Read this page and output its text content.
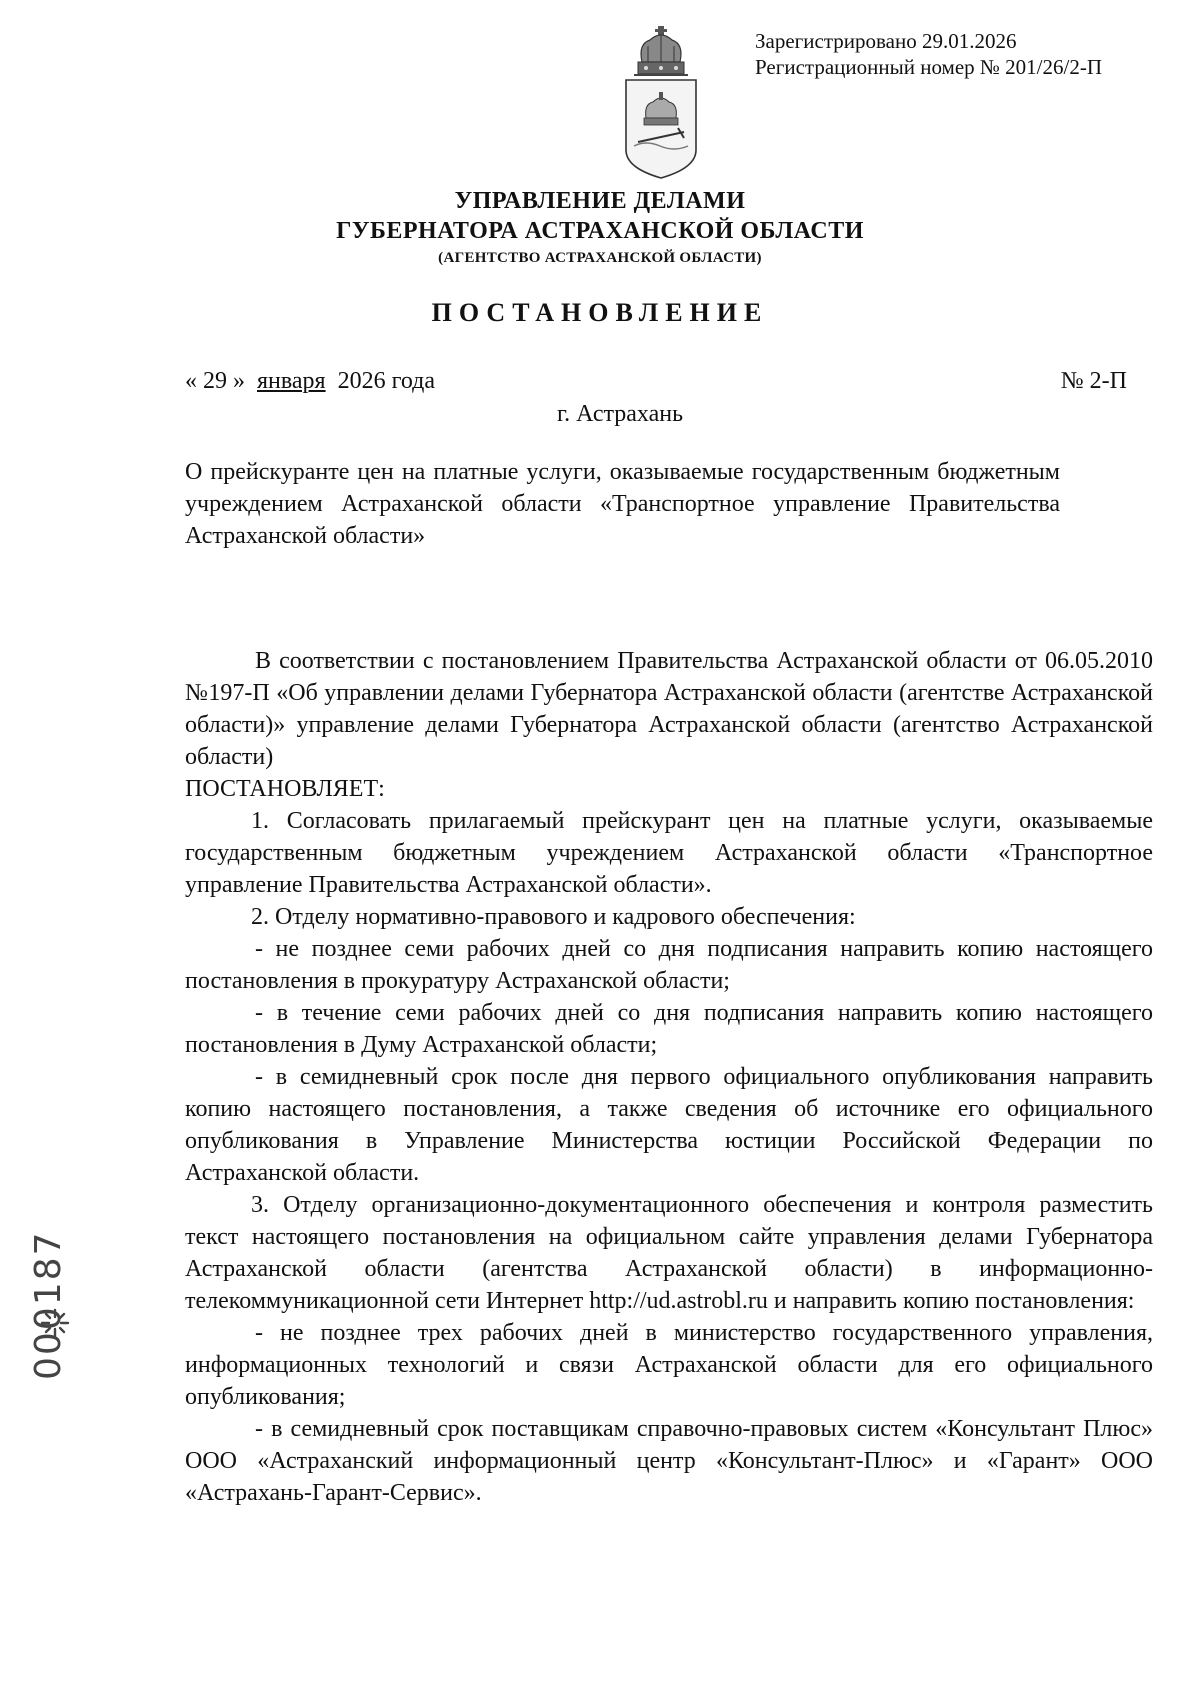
Зарегистрировано 29.01.2026
Регистрационный номер № 201/26/2-П
УПРАВЛЕНИЕ ДЕЛАМИ
ГУБЕРНАТОРА АСТРАХАНСКОЙ ОБЛАСТИ
(АГЕНТСТВО АСТРАХАНСКОЙ ОБЛАСТИ)
ПОСТАНОВЛЕНИЕ
« 29 » января 2026 года	№ 2-П
г. Астрахань
О прейскуранте цен на платные услуги, оказываемые государственным бюджетным учреждением Астраханской области «Транспортное управление Правительства Астраханской области»

В соответствии с постановлением Правительства Астраханской области от 06.05.2010 №197-П «Об управлении делами Губернатора Астраханской области (агентстве Астраханской области)» управление делами Губернатора Астраханской области (агентство Астраханской области)

ПОСТАНОВЛЯЕТ:

1. Согласовать прилагаемый прейскурант цен на платные услуги, оказываемые государственным бюджетным учреждением Астраханской области «Транспортное управление Правительства Астраханской области».

2. Отделу нормативно-правового и кадрового обеспечения:

- не позднее семи рабочих дней со дня подписания направить копию настоящего постановления в прокуратуру Астраханской области;

- в течение семи рабочих дней со дня подписания направить копию настоящего постановления в Думу Астраханской области;

- в семидневный срок после дня первого официального опубликования направить копию настоящего постановления, а также сведения об источнике его официального опубликования в Управление Министерства юстиции Российской Федерации по Астраханской области.

3. Отделу организационно-документационного обеспечения и контроля разместить текст настоящего постановления на официальном сайте управления делами Губернатора Астраханской области (агентства Астраханской области) в информационно-телекоммуникационной сети Интернет http://ud.astrobl.ru и направить копию постановления:

- не позднее трех рабочих дней в министерство государственного управления, информационных технологий и связи Астраханской области для его официального опубликования;

- в семидневный срок поставщикам справочно-правовых систем «Консультант Плюс» ООО «Астраханский информационный центр «Консультант-Плюс» и «Гарант» ООО «Астрахань-Гарант-Сервис».

000187
